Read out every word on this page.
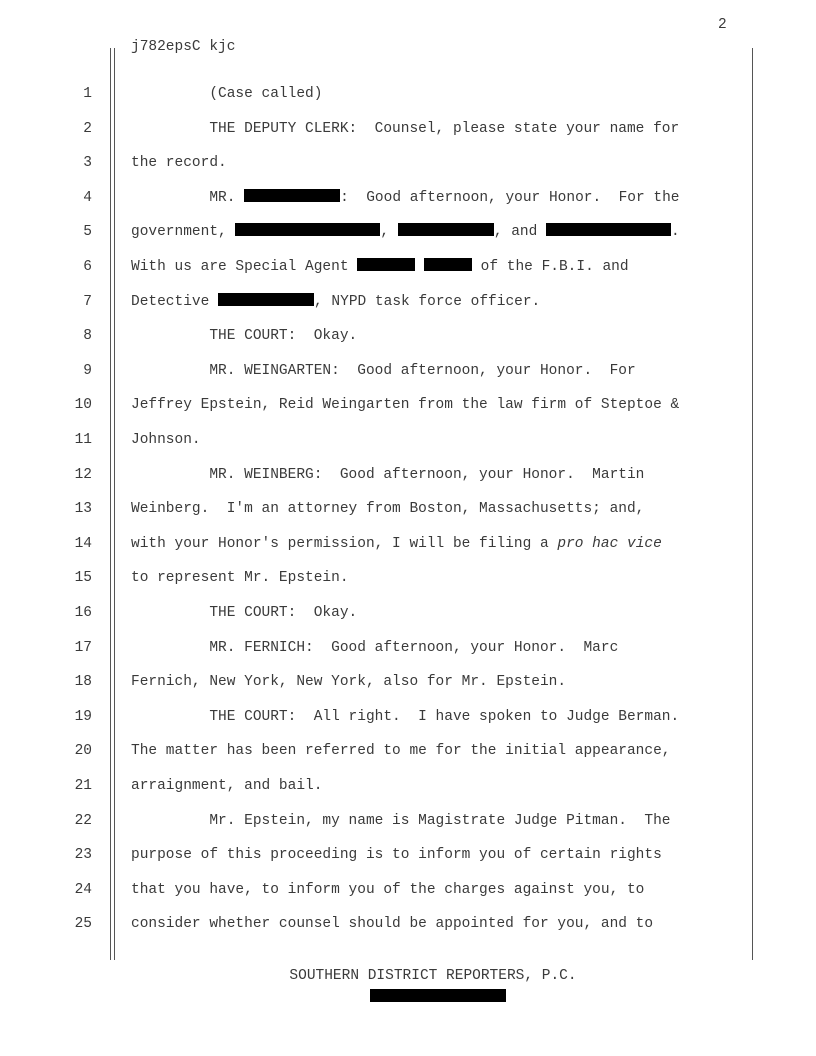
2
j782epsC kjc
1	(Case called)
2	THE DEPUTY CLERK:  Counsel, please state your name for
3	the record.
4	MR.	:  Good afternoon, your Honor.  For the
5	government,	,	, and	.
6	With us are Special Agent	of the F.B.I. and
7	Detective	, NYPD task force officer.
8	THE COURT:  Okay.
9	MR. WEINGARTEN:  Good afternoon, your Honor.  For
10	Jeffrey Epstein, Reid Weingarten from the law firm of Steptoe &
11	Johnson.
12	MR. WEINBERG:  Good afternoon, your Honor.  Martin
13	Weinberg.  I'm an attorney from Boston, Massachusetts; and,
14	with your Honor's permission, I will be filing a pro hac vice
15	to represent Mr. Epstein.
16	THE COURT:  Okay.
17	MR. FERNICH:  Good afternoon, your Honor.  Marc
18	Fernich, New York, New York, also for Mr. Epstein.
19	THE COURT:  All right.  I have spoken to Judge Berman.
20	The matter has been referred to me for the initial appearance,
21	arraignment, and bail.
22	Mr. Epstein, my name is Magistrate Judge Pitman.  The
23	purpose of this proceeding is to inform you of certain rights
24	that you have, to inform you of the charges against you, to
25	consider whether counsel should be appointed for you, and to
SOUTHERN DISTRICT REPORTERS, P.C.
